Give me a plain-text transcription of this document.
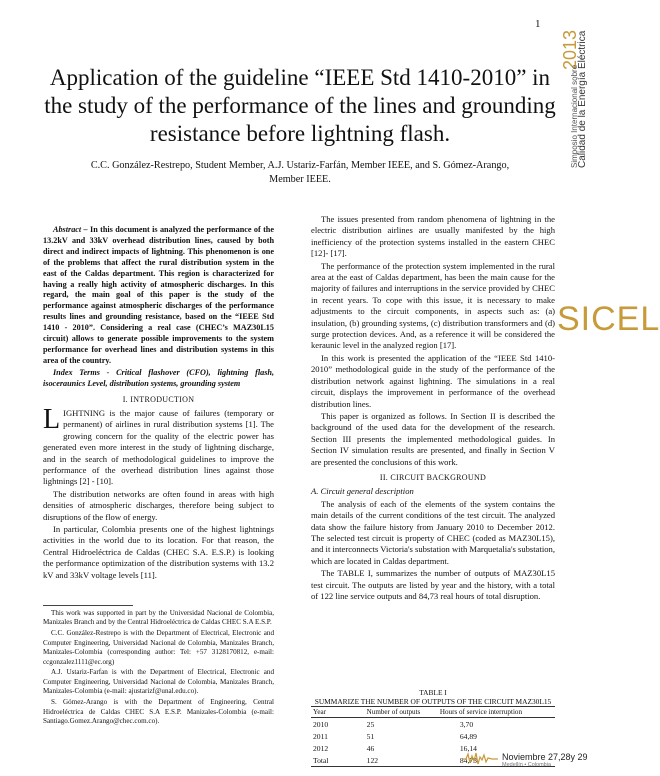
1
2013
Simposio Internacional sobre
Calidad de la Energía Eléctrica
SICEL
Application of the guideline “IEEE Std 1410-2010” in the study of the performance of the lines and grounding resistance before lightning flash.
C.C. González-Restrepo, Student Member, A.J. Ustariz-Farfán, Member IEEE, and S. Gómez-Arango,
Member IEEE.

Abstract – In this document is analyzed the performance of the 13.2kV and 33kV overhead distribution lines, caused by both direct and indirect impacts of lightning. This phenomenon is one of the problems that affect the rural distribution system in the east of the Caldas department. This region is characterized for having a really high activity of atmospheric discharges. In this regard, the main goal of this paper is the study of the performance against atmospheric discharges of the performance results lines and grounding resistance, based on the “IEEE Std 1410 - 2010”. Considering a real case (CHEC’s MAZ30L15 circuit) allows to generate possible improvements to the system performance for overhead lines and distribution systems in this area of the country.

Index Terms - Critical flashover (CFO), lightning flash, isoceraunics Level, distribution systems, grounding system

I. INTRODUCTION

LIGHTNING is the major cause of failures (temporary or permanent) of airlines in rural distribution systems [1]. The growing concern for the quality of the electric power has generated even more interest in the study of lightning discharge, and in the search of methodological guidelines to improve the performance of the overhead distribution lines against those lightnings [2] - [10].

The distribution networks are often found in areas with high densities of atmospheric discharges, therefore being subject to disruptions of the flow of energy.

In particular, Colombia presents one of the highest lightnings activities in the world due to its location. For that reason, the Central Hidroeléctrica de Caldas (CHEC S.A. E.S.P.) is looking the performance optimization of the distribution systems with 13.2 kV and 33kV voltage levels [11].

This work was supported in part by the Universidad Nacional de Colombia, Manizales Branch and by the Central Hidroeléctrica de Caldas CHEC S.A E.S.P.

C.C. González-Restrepo is with the Department of Electrical, Electronic and Computer Engineering, Universidad Nacional de Colombia, Manizales Branch, Manizales-Colombia (corresponding author: Tel: +57 3128170812, e-mail: ccgonzalez1111@ec.org)

A.J. Ustariz-Farfan is with the Department of Electrical, Electronic and Computer Engineering, Universidad Nacional de Colombia, Manizales Branch, Manizales-Colombia (e-mail: ajustarizf@unal.edu.co).

S. Gómez-Arango is with the Department of Engineering, Central Hidroeléctrica de Caldas CHEC S.A E.S.P. Manizales-Colombia (e-mail: Santiago.Gomez.Arango@chec.com.co).

The issues presented from random phenomena of lightning in the electric distribution airlines are usually manifested by the high inefficiency of the protection systems installed in the eastern CHEC [12]- [17].

The performance of the protection system implemented in the rural area at the east of Caldas department, has been the main cause for the majority of failures and interruptions in the service provided by CHEC in recent years. To cope with this issue, it is necessary to make adjustments to the circuit components, in aspects such as: (a) insulation, (b) grounding systems, (c) distribution transformers and (d) surge protection devices. And, as a reference it will be considered the keraunic level in the analyzed region [17].

In this work is presented the application of the “IEEE Std 1410-2010” methodological guide in the study of the performance of the distribution network against lightning. The simulations in a real circuit, displays the improvement in performance of the overhead distribution lines.

This paper is organized as follows. In Section II is described the background of the used data for the development of the research. Section III presents the implemented methodological guides. In Section IV simulation results are presented, and finally in Section V are presented the conclusions of this work.

II. CIRCUIT BACKGROUND
A. Circuit general description

The analysis of each of the elements of the system contains the main details of the current conditions of the test circuit. The analyzed data show the failure history from January 2010 to December 2012. The selected test circuit is property of CHEC (coded as MAZ30L15), and it interconnects Victoria's substation with Marquetalia's substation, which are located in Caldas department.

The TABLE I, summarizes the number of outputs of MAZ30L15 test circuit. The outputs are listed by year and the history, with a total of 122 line service outputs and 84,73 real hours of total disruption.

TABLE I
SUMMARIZE THE NUMBER OF OUTPUTS OF THE CIRCUIT MAZ30L15
Year	Number of outputs	Hours of service interruption
2010	25	3,70
2011	51	64,89
2012	46	16,14
Total	122	84,73	Noviembre 27,28y 29
Medellín • Colombia
